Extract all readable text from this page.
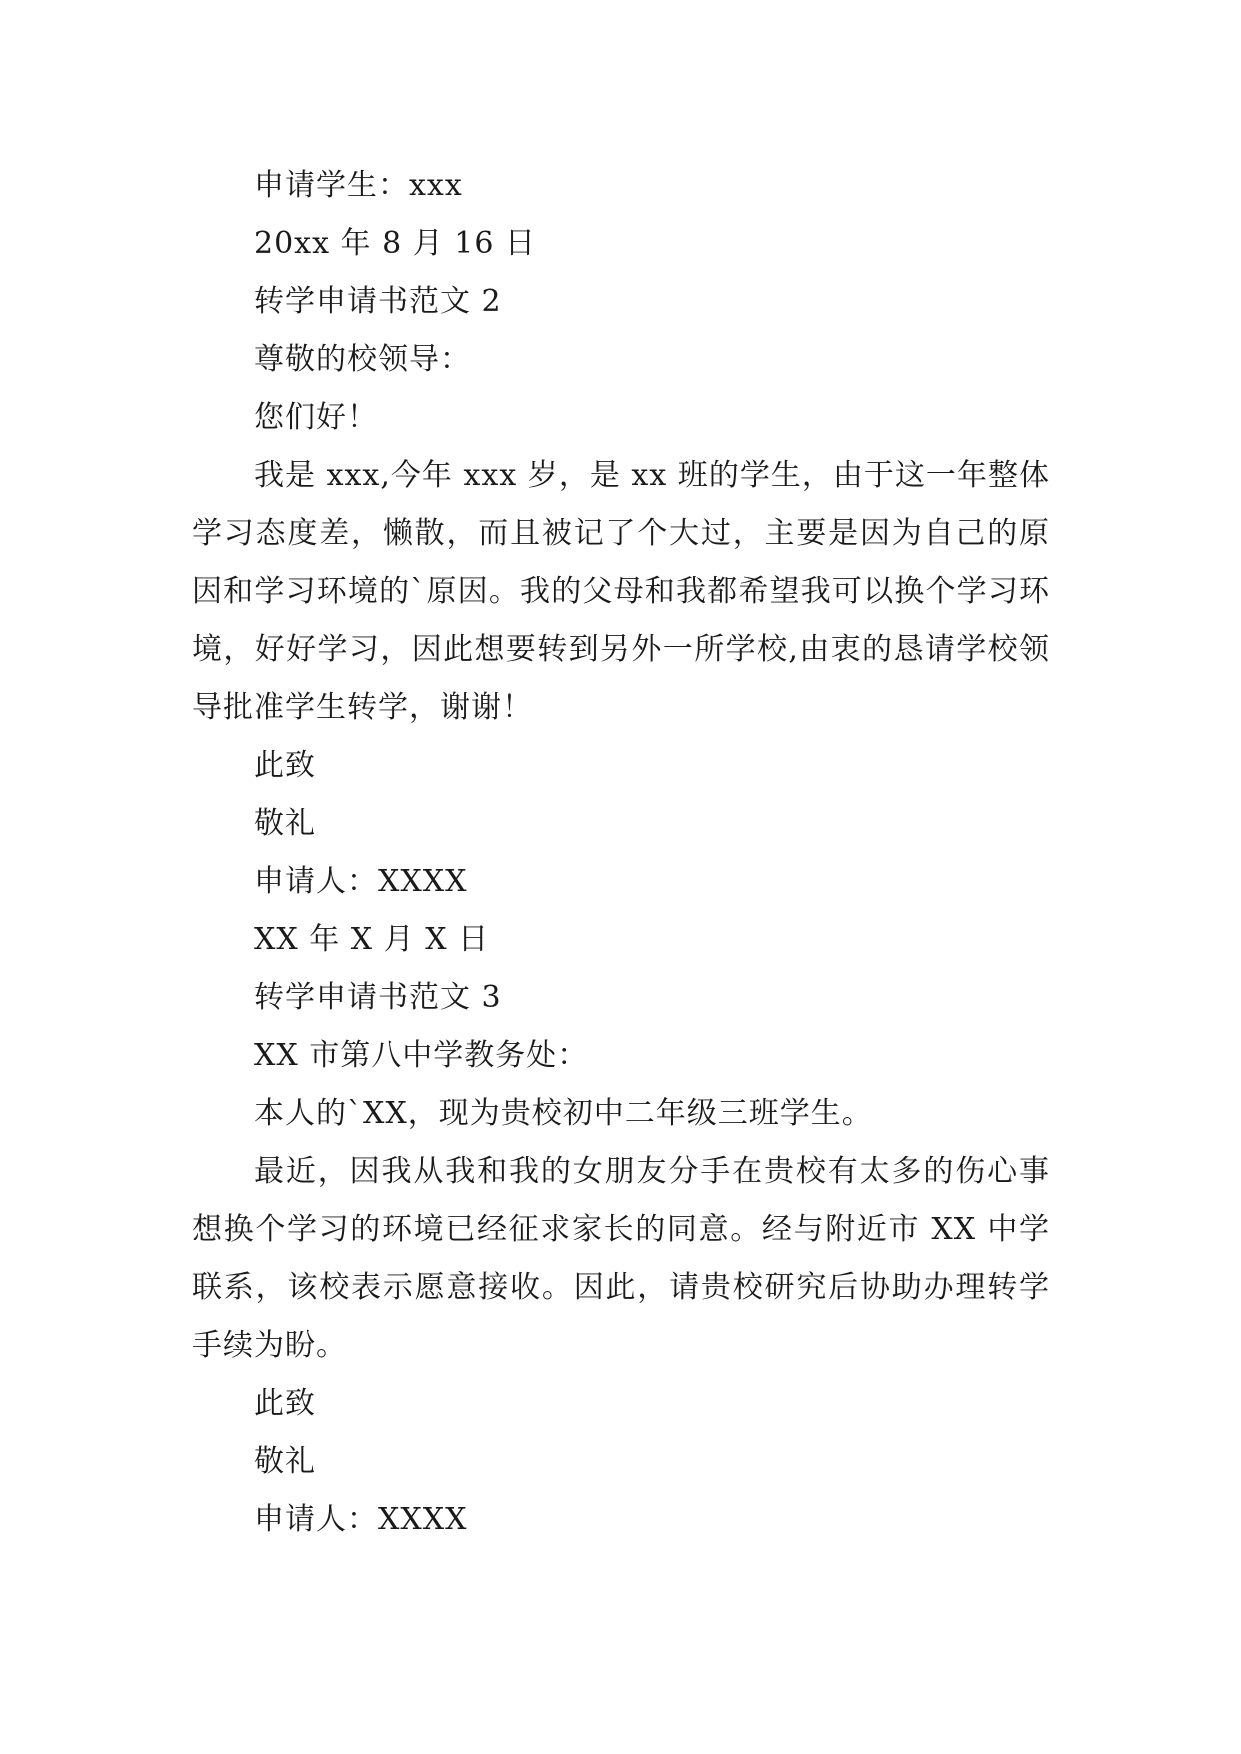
申请学生：xxx

20xx 年 8 月 16 日

转学申请书范文 2

尊敬的校领导：

您们好！

我是 xxx,今年 xxx 岁，是 xx 班的学生，由于这一年整体学习态度差，懒散，而且被记了个大过，主要是因为自己的原因和学习环境的`原因。我的父母和我都希望我可以换个学习环境，好好学习，因此想要转到另外一所学校,由衷的恳请学校领导批准学生转学，谢谢！

此致

敬礼

申请人：XXXX

XX 年 X 月 X 日

转学申请书范文 3

XX 市第八中学教务处：

本人的`XX，现为贵校初中二年级三班学生。

最近，因我从我和我的女朋友分手在贵校有太多的伤心事想换个学习的环境已经征求家长的同意。经与附近市 XX 中学联系，该校表示愿意接收。因此，请贵校研究后协助办理转学手续为盼。

此致

敬礼

申请人：XXXX
